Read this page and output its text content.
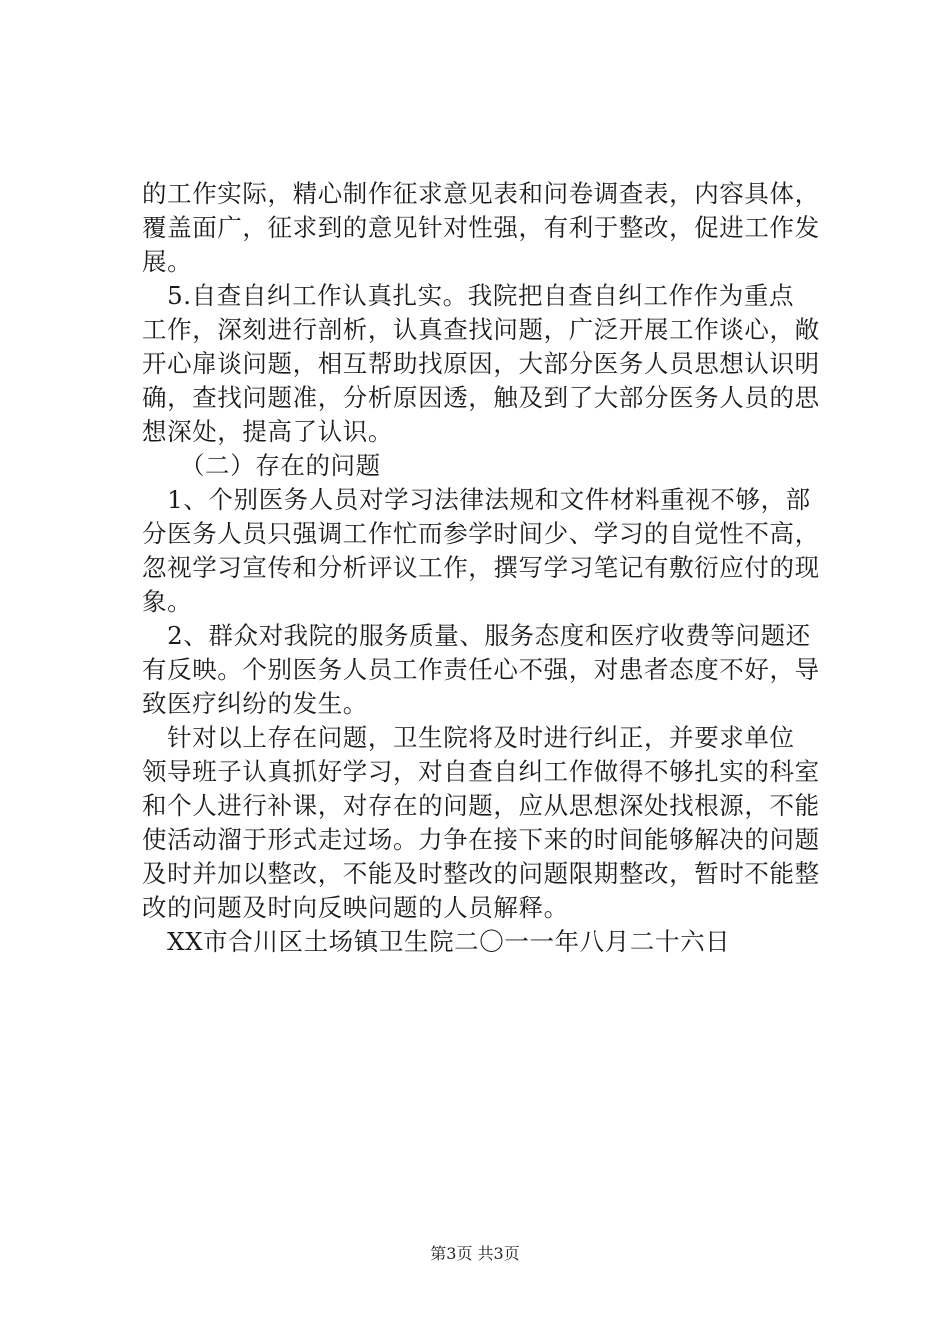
的工作实际，精心制作征求意见表和问卷调查表，内容具体，
覆盖面广，征求到的意见针对性强，有利于整改，促进工作发
展。
　5.自查自纠工作认真扎实。我院把自查自纠工作作为重点
工作，深刻进行剖析，认真查找问题，广泛开展工作谈心，敞
开心扉谈问题，相互帮助找原因，大部分医务人员思想认识明
确，查找问题准，分析原因透，触及到了大部分医务人员的思
想深处，提高了认识。
　　（二）存在的问题
　1、个别医务人员对学习法律法规和文件材料重视不够，部
分医务人员只强调工作忙而参学时间少、学习的自觉性不高，
忽视学习宣传和分析评议工作，撰写学习笔记有敷衍应付的现
象。
　2、群众对我院的服务质量、服务态度和医疗收费等问题还
有反映。个别医务人员工作责任心不强，对患者态度不好，导
致医疗纠纷的发生。
　针对以上存在问题，卫生院将及时进行纠正，并要求单位
领导班子认真抓好学习，对自查自纠工作做得不够扎实的科室
和个人进行补课，对存在的问题，应从思想深处找根源，不能
使活动溜于形式走过场。力争在接下来的时间能够解决的问题
及时并加以整改，不能及时整改的问题限期整改，暂时不能整
改的问题及时向反映问题的人员解释。
　XX市合川区土场镇卫生院二〇一一年八月二十六日
第3页 共3页
